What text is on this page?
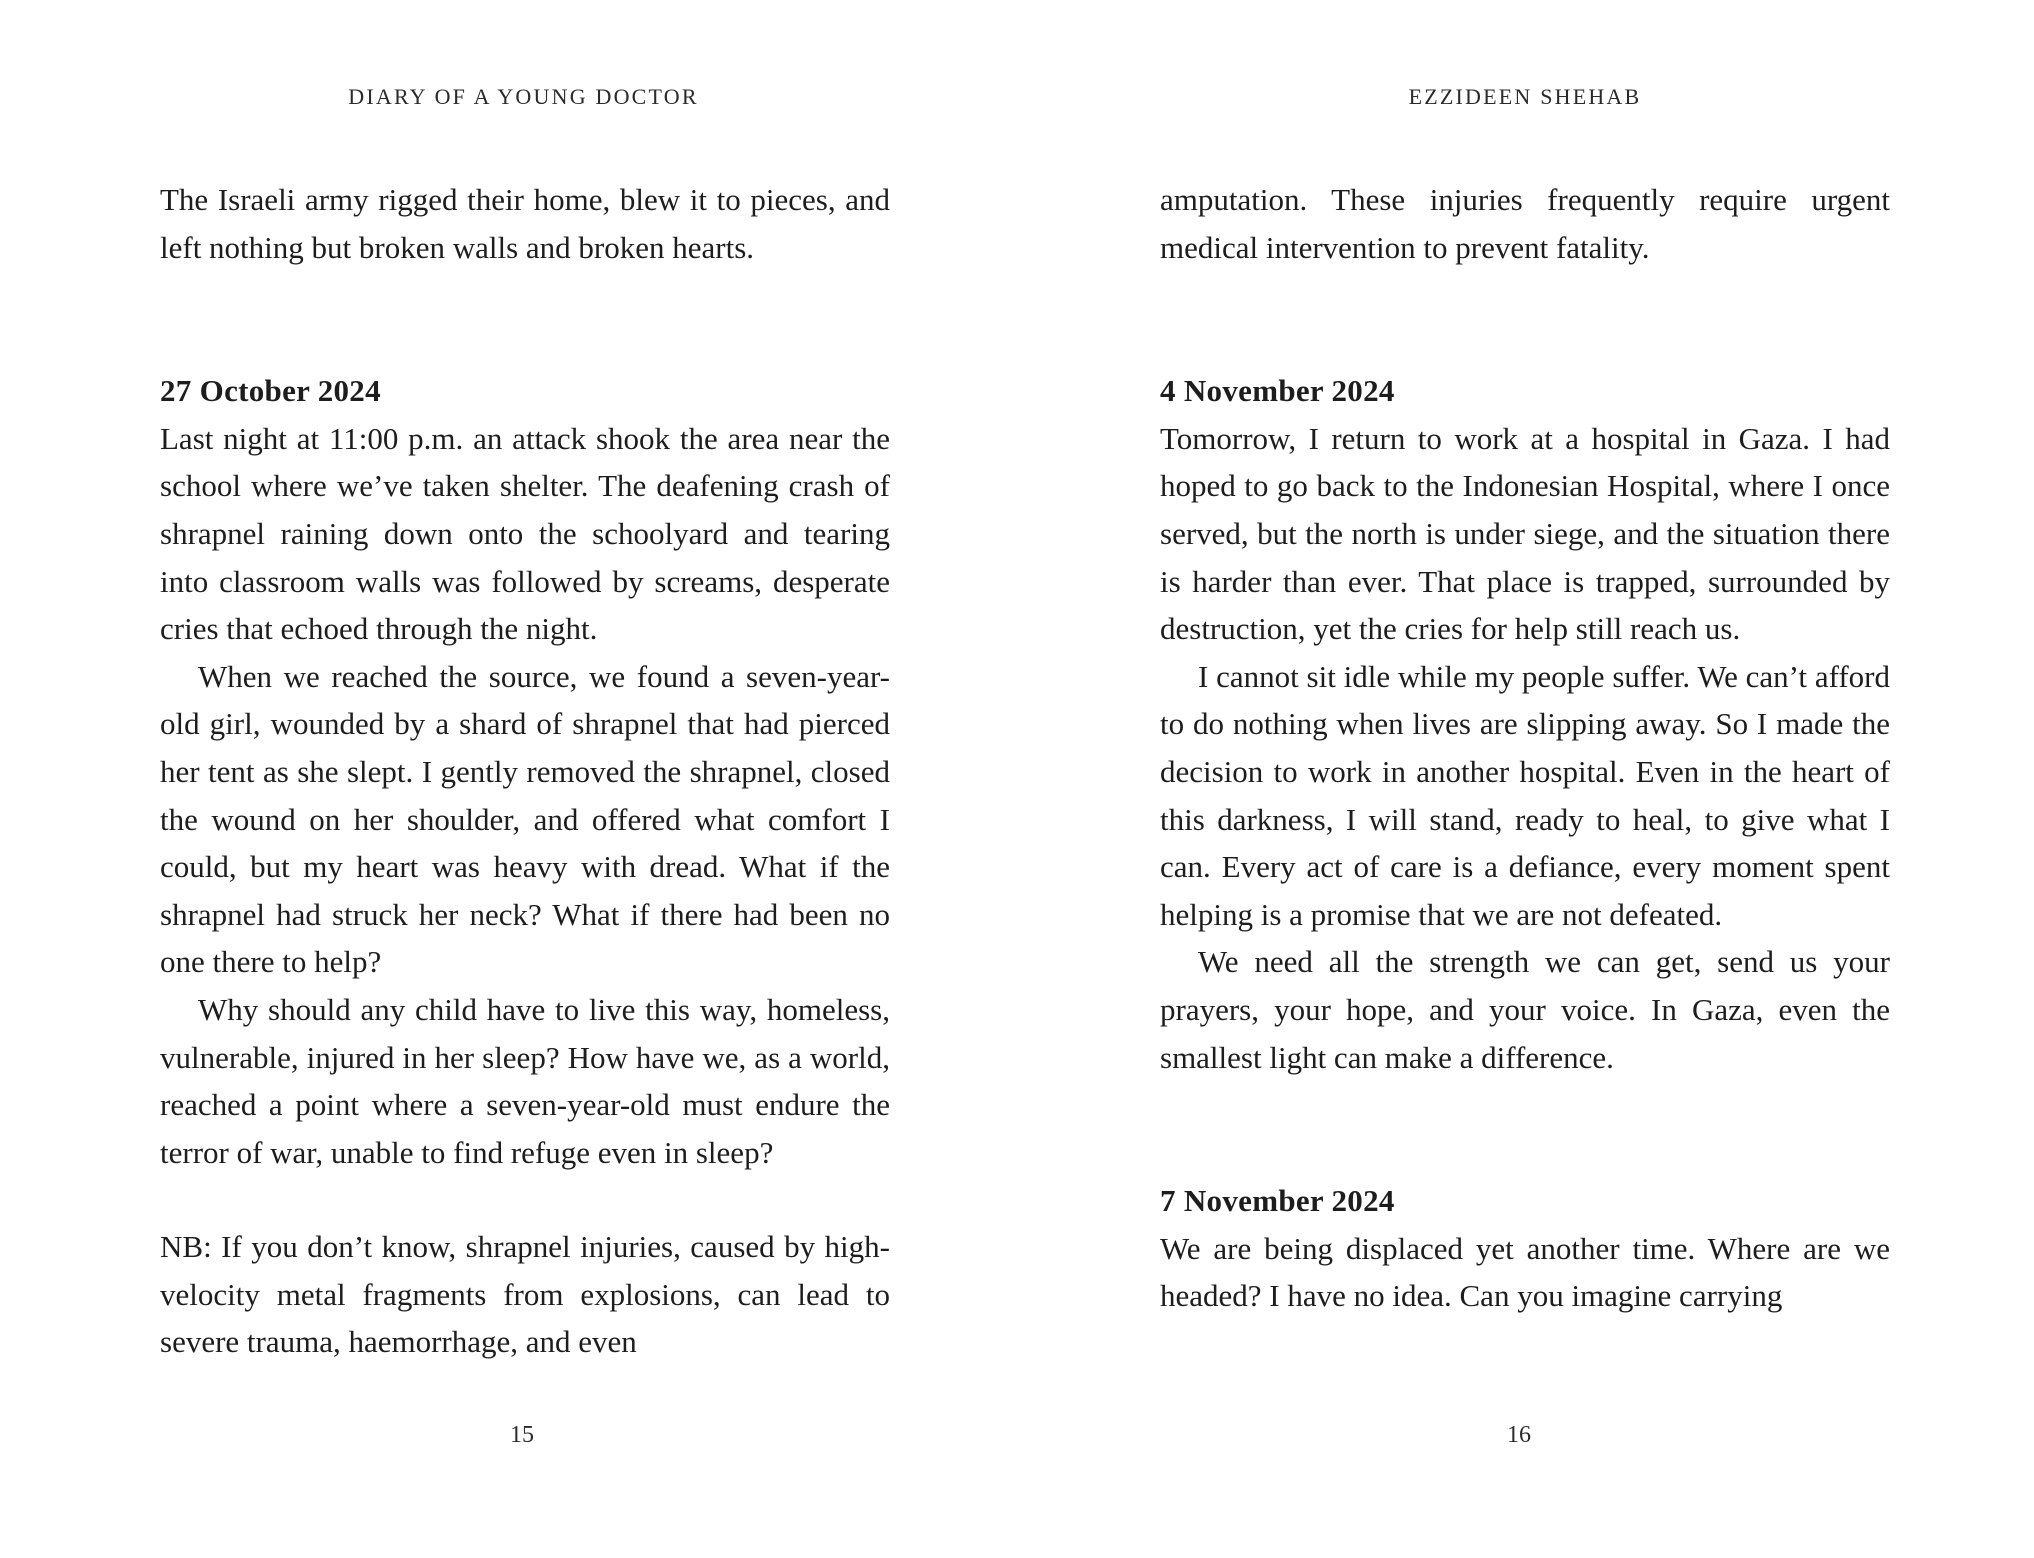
DIARY OF A YOUNG DOCTOR

The Israeli army rigged their home, blew it to pieces, and left nothing but broken walls and broken hearts.

27 October 2024

Last night at 11:00 p.m. an attack shook the area near the school where we’ve taken shelter. The deafening crash of shrapnel raining down onto the schoolyard and tearing into classroom walls was followed by screams, desperate cries that echoed through the night.

When we reached the source, we found a seven-year-old girl, wounded by a shard of shrapnel that had pierced her tent as she slept. I gently removed the shrapnel, closed the wound on her shoulder, and offered what comfort I could, but my heart was heavy with dread. What if the shrapnel had struck her neck? What if there had been no one there to help?

Why should any child have to live this way, homeless, vulnerable, injured in her sleep? How have we, as a world, reached a point where a seven-year-old must endure the terror of war, unable to find refuge even in sleep?

NB: If you don’t know, shrapnel injuries, caused by high-velocity metal fragments from explosions, can lead to severe trauma, haemorrhage, and even

15
EZZIDEEN SHEHAB

amputation. These injuries frequently require urgent medical intervention to prevent fatality.

4 November 2024

Tomorrow, I return to work at a hospital in Gaza. I had hoped to go back to the Indonesian Hospital, where I once served, but the north is under siege, and the situation there is harder than ever. That place is trapped, surrounded by destruction, yet the cries for help still reach us.

I cannot sit idle while my people suffer. We can’t afford to do nothing when lives are slipping away. So I made the decision to work in another hospital. Even in the heart of this darkness, I will stand, ready to heal, to give what I can. Every act of care is a defiance, every moment spent helping is a promise that we are not defeated.

We need all the strength we can get, send us your prayers, your hope, and your voice. In Gaza, even the smallest light can make a difference.

7 November 2024

We are being displaced yet another time. Where are we headed? I have no idea. Can you imagine carrying

16
